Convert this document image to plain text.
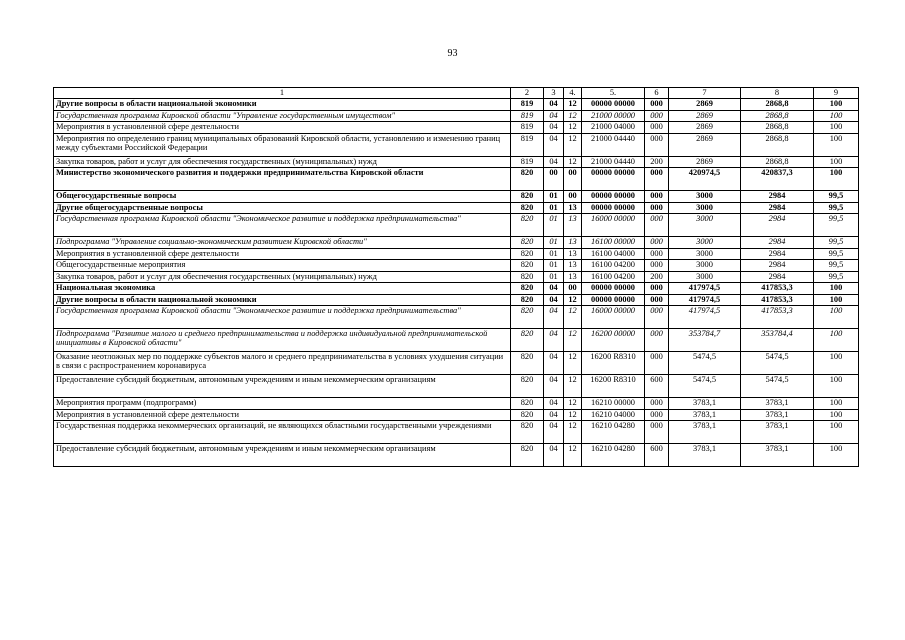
93
1	2	3	4.	5.	6	7	8	9
Другие вопросы в области национальной экономики	819	04	12	00000 00000	000	2869	2868,8	100
Государственная программа Кировской области "Управление государственным имуществом"	819	04	12	21000 00000	000	2869	2868,8	100
Мероприятия в установленной сфере деятельности	819	04	12	21000 04000	000	2869	2868,8	100
Мероприятия по определению границ муниципальных образований Кировской области, установлению и изменению границ между субъектами Российской Федерации	819	04	12	21000 04440	000	2869	2868,8	100
Закупка товаров, работ и услуг для обеспечения государственных (муниципальных) нужд	819	04	12	21000 04440	200	2869	2868,8	100
Министерство экономического развития и поддержки предпринимательства Кировской области	820	00	00	00000 00000	000	420974,5	420837,3	100
Общегосударственные вопросы	820	01	00	00000 00000	000	3000	2984	99,5
Другие общегосударственные вопросы	820	01	13	00000 00000	000	3000	2984	99,5
Государственная программа Кировской области "Экономическое развитие и поддержка предпринимательства"	820	01	13	16000 00000	000	3000	2984	99,5
Подпрограмма "Управление социально-экономическим развитием Кировской области"	820	01	13	16100 00000	000	3000	2984	99,5
Мероприятия в установленной сфере деятельности	820	01	13	16100 04000	000	3000	2984	99,5
Общегосударственные мероприятия	820	01	13	16100 04200	000	3000	2984	99,5
Закупка товаров, работ и услуг для обеспечения государственных (муниципальных) нужд	820	01	13	16100 04200	200	3000	2984	99,5
Национальная экономика	820	04	00	00000 00000	000	417974,5	417853,3	100
Другие вопросы в области национальной экономики	820	04	12	00000 00000	000	417974,5	417853,3	100
Государственная программа Кировской области "Экономическое развитие и поддержка предпринимательства"	820	04	12	16000 00000	000	417974,5	417853,3	100
Подпрограмма "Развитие малого и среднего предпринимательства и поддержка индивидуальной предпринимательской инициативы в Кировской области"	820	04	12	16200 00000	000	353784,7	353784,4	100
Оказание неотложных мер по поддержке субъектов малого и среднего предпринимательства в условиях ухудшения ситуации в связи с распространением коронавируса	820	04	12	16200 R8310	000	5474,5	5474,5	100
Предоставление субсидий бюджетным, автономным учреждениям и иным некоммерческим организациям	820	04	12	16200 R8310	600	5474,5	5474,5	100
Мероприятия программ (подпрограмм)	820	04	12	16210 00000	000	3783,1	3783,1	100
Мероприятия в установленной сфере деятельности	820	04	12	16210 04000	000	3783,1	3783,1	100
Государственная поддержка некоммерческих организаций, не являющихся областными государственными учреждениями	820	04	12	16210 04280	000	3783,1	3783,1	100
Предоставление субсидий бюджетным, автономным учреждениям и иным некоммерческим организациям	820	04	12	16210 04280	600	3783,1	3783,1	100
